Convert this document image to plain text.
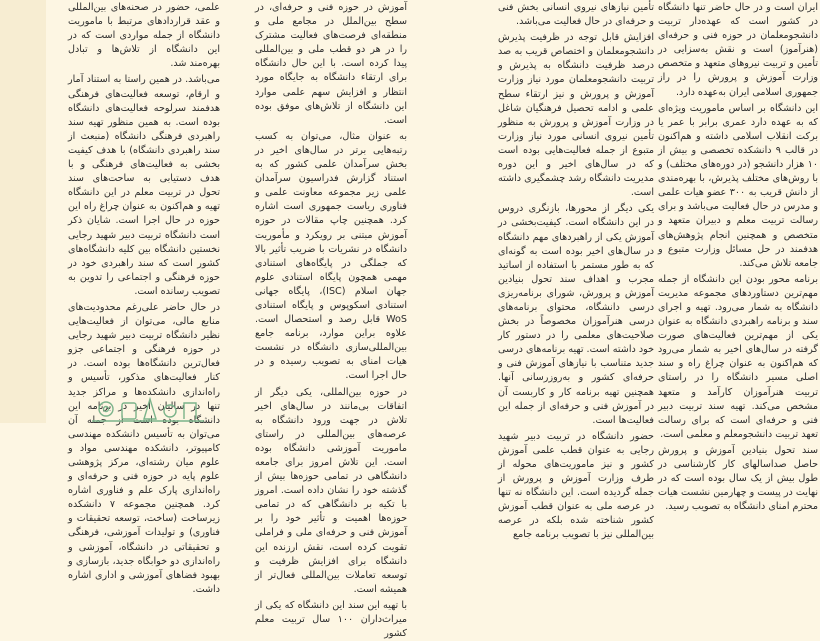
ایران است و در حال حاضر تنها دانشگاه در کشور است که عهده‌دار تربیت دانشجومعلمان در حوزه فنی و حرفه‌ای (هنرآموز) است و نقش به‌سزایی در تأمین و تربیت نیروهای متعهد و متخصص وزارت آموزش و پرورش را در راز جمهوری اسلامی ایران به‌عهده دارد.

این دانشگاه بر اساس ماموریت ویژه‌ای که به عهده دارد عمری برابر با عمر یا برکت انقلاب اسلامی داشته و هم‌اکنون در قالب ۹ دانشکده تخصصی و بیش از ۱۰ هزار دانشجو (در دوره‌های مختلف) و با روش‌های مختلف پذیرش، با بهره‌مندی از دانش قریب به ۳۰۰ عضو هیات علمی و مدرس در حال فعالیت می‌باشد و برای رسالت تربیت معلم و دبیران متعهد و متخصص و همچنین انجام پژوهش‌های هدفمند در حل مسائل وزارت متبوع و جامعه تلاش می‌کند.

برنامه محور بودن این دانشگاه از جمله مهم‌ترین دستاوردهای مجموعه مدیریت دانشگاه به شمار می‌رود. تهیه و اجرای سند و برنامه راهبردی دانشگاه به عنوان یکی از مهم‌ترین فعالیت‌های صورت گرفته در سال‌های اخیر به شمار می‌رود که هم‌اکنون به عنوان چراغ راه و سند اصلی مسیر دانشگاه را در راستای تربیت هنرآموزان کارآمد و متعهد مشخص می‌کند. تهیه سند تربیت دبیر فنی و حرفه‌ای است که برای رسالت تعهد تربیت دانشجومعلم و معلمی است.

سند تحول بنیادین آموزش و پرورش حاصل صداسالهای کار کارشناسی در طول بیش از یک سال بوده است که در نهایت در پیست و چهارمین نشست هیات محترم امنای دانشگاه به تصویب رسید.

تأمین نیازهای نیروی انسانی بخش فنی و حرفه‌ای در حال فعالیت می‌باشد.

افزایش قابل توجه در ظرفیت پذیرش دانشجومعلمان و اختصاص قریب به صد درصد ظرفیت دانشگاه به پذیرش و تربیت دانشجومعلمان مورد نیاز وزارت آموزش و پرورش و نیز ارتقاء سطح علمی و ادامه تحصیل فرهنگیان شاغل در وزارت آموزش و پرورش به منظور تأمین نیروی انسانی مورد نیاز وزارت متبوع از جمله فعالیت‌هایی بوده است که در سال‌های اخیر و این دوره مدیریت دانشگاه رشد چشمگیری داشته است.

یکی دیگر از محورها، بازنگری دروس در این دانشگاه است. کیفیت‌بخشی در آموزش یکی از راهبردهای مهم دانشگاه در سال‌های اخیر بوده است به گونه‌ای که به طور مستمر با استفاده از اساتید مجرب و اهداف سند تحول بنیادین آموزش و پرورش، شورای برنامه‌ریزی درسی دانشگاه، محتوای برنامه‌های درسی هنرآموزان مخصوصاً در بخش صلاحیت‌های معلمی را در دستور کار خود داشته است. تهیه برنامه‌های درسی جدید متناسب با نیازهای آموزش فنی و حرفه‌ای کشور و به‌روزرسانی آنها. همچنین تهیه برنامه کار و کاربست آن در آموزش فنی و حرفه‌ای از جمله این فعالیت‌ها است.

حضور دانشگاه در تربیت دبیر شهید رجایی به عنوان قطب علمی آموزش کشور و نیز ماموریت‌های محوله از طرف وزارت آموزش و پرورش از جمله گردیده است. این دانشگاه نه تنها در عرصه ملی به عنوان قطب آموزش کشور شناخته شده بلکه در عرصه بین‌المللی نیز با تصویب برنامه جامع

آموزش در حوزه فنی و حرفه‌ای، در سطح بین‌الملل در مجامع ملی و منطقه‌ای فرصت‌های فعالیت مشترک را در هر دو قطب ملی و بین‌المللی پیدا کرده است. با این حال دانشگاه برای ارتقاء دانشگاه به جایگاه مورد انتظار و افزایش سهم علمی موارد این دانشگاه از تلاش‌های موفق بوده است.

به عنوان مثال، می‌توان به کسب رتبه‌هایی برتر در سال‌های اخیر در بخش سرآمدان علمی کشور که به استناد گزارش فدراسیون سرآمدان علمی زیر مجموعه معاونت علمی و فناوری ریاست جمهوری است اشاره کرد. همچنین چاپ مقالات در حوزه آموزش مبتنی بر رویکرد و مأموریت دانشگاه در نشریات با ضریب تأثیر بالا که جملگی در پایگاه‌های استنادی مهمی همچون پایگاه استنادی علوم جهان اسلام (ISC)، پایگاه جهانی استنادی اسکوپوس و پایگاه استنادی WoS قابل رصد و استحصال است. علاوه براین موارد، برنامه جامع بین‌المللی‌سازی دانشگاه در نشست هیات امنای به تصویب رسیده و در حال اجرا است.

در حوزه بین‌المللی، یکی دیگر از اتفاقات بی‌مانند در سال‌های اخیر تلاش در جهت ورود دانشگاه به عرصه‌های بین‌المللی در راستای ماموریت آموزشی دانشگاه بوده است. این تلاش امروز برای جامعه دانشگاهی در تمامی حوزه‌ها بیش از گذشته خود را نشان داده است. امروز با تکیه بر دانشگاهی که در تمامی حوزه‌ها اهمیت و تأثیر خود را بر آموزش فنی و حرفه‌ای ملی و فراملی تقویت کرده است، نقش ارزنده این دانشگاه برای افزایش ظرفیت و توسعه تعاملات بین‌المللی فعال‌تر از همیشه است.

با تهیه این سند این دانشگاه که یکی از میراث‌داران ۱۰۰ سال تربیت معلم کشور

علمی، حضور در صحنه‌های بین‌المللی و عقد قرارداد‌های مرتبط با ماموریت دانشگاه از جمله مواردی است که در این دانشگاه از تلاش‌ها و تبادل بهره‌مند شد.

می‌باشد. در همین راستا به استناد آمار و ارقام، توسعه فعالیت‌های فرهنگی هدفمند سرلوحه فعالیت‌های دانشگاه بوده است. به همین منظور تهیه سند راهبردی فرهنگی دانشگاه (منبعث از سند راهبردی دانشگاه) با هدف کیفیت بخشی به فعالیت‌های فرهنگی و با هدف دستیابی به ساحت‌های سند تحول در تربیت معلم در این دانشگاه تهیه و هم‌اکنون به عنوان چراغ راه این حوزه در حال اجرا است. شایان ذکر است دانشگاه تربیت دبیر شهید رجایی نخستین دانشگاه بین کلیه دانشگاه‌های کشور است که سند راهبردی خود در حوزه فرهنگی و اجتماعی را تدوین به تصویب رسانده است.

در حال حاضر علی‌رغم محدودیت‌های منابع مالی، می‌توان از فعالیت‌هایی نظیر دانشگاه تربیت دبیر شهید رجایی در حوزه فرهنگی و اجتماعی جزو فعال‌ترین دانشگاه‌ها بوده است. در کنار فعالیت‌های مذکور، تأسیس و راه‌اندازی دانشکده‌ها و مراکز جدید تنها در سالیان اخیر در برنامه این دانشگاه بوده است از جمله آن می‌توان به تأسیس دانشکده مهندسی کامپیوتر، دانشکده مهندسی مواد و علوم میان رشته‌ای، مرکز پژوهشی علوم پایه در حوزه فنی و حرفه‌ای و راه‌اندازی پارک علم و فناوری اشاره کرد. همچنین مجموعه ۷ دانشکده زیرساخت (ساخت، توسعه تحقیقات و فناوری) و تولیدات آموزشی، فرهنگی و تحقیقاتی در دانشگاه، آموزشی و راه‌اندازی دو خوابگاه جدید، بازسازی و بهبود فضاهای آموزشی و اداری اشاره داشت.
